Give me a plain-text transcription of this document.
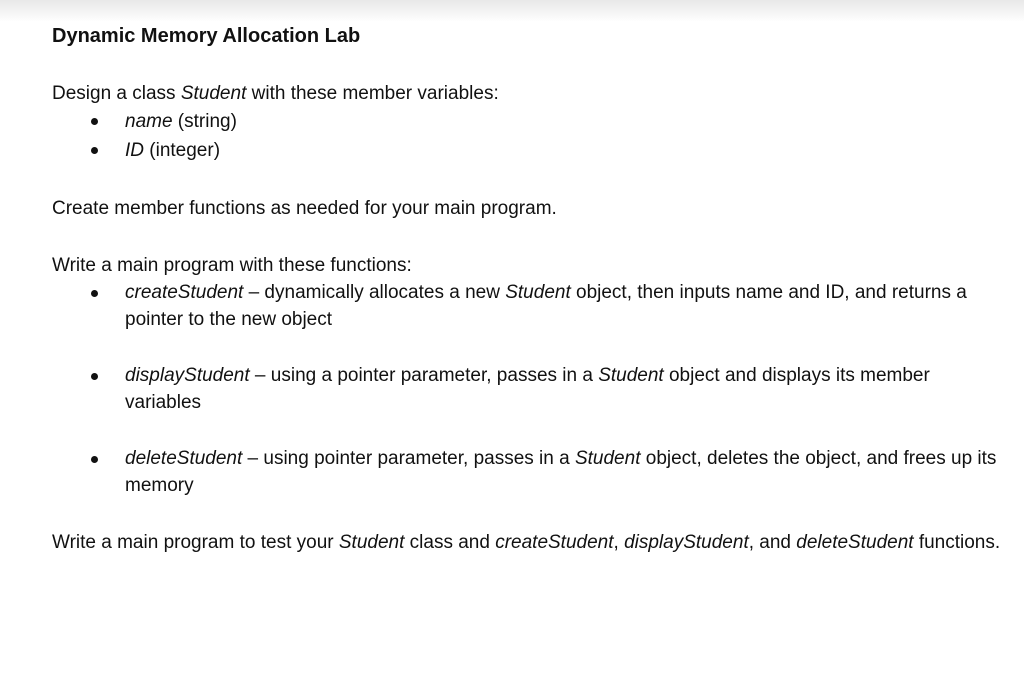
Dynamic Memory Allocation Lab

Design a class Student with these member variables:

name (string)
ID (integer)

Create member functions as needed for your main program.

Write a main program with these functions:

createStudent – dynamically allocates a new Student object, then inputs name and ID, and returns a pointer to the new object
displayStudent – using a pointer parameter, passes in a Student object and displays its member variables
deleteStudent – using pointer parameter, passes in a Student object, deletes the object, and frees up its memory

Write a main program to test your Student class and createStudent, displayStudent, and deleteStudent functions.
